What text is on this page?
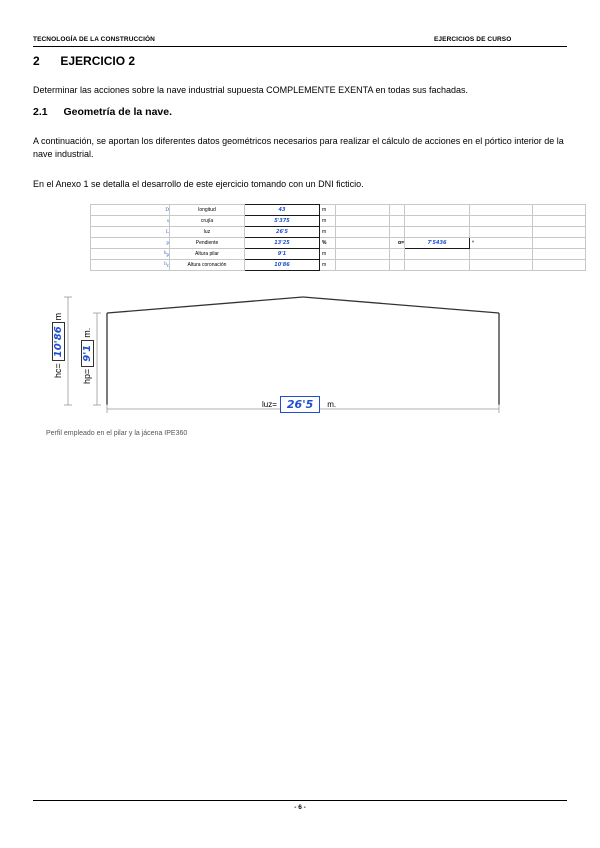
TECNOLOGÍA DE LA CONSTRUCCIÓN	EJERCICIOS DE CURSO
2 EJERCICIO 2
Determinar las acciones sobre la nave industrial supuesta COMPLEMENTE EXENTA en todas sus fachadas.
2.1 Geometría de la nave.
A continuación, se aportan los diferentes datos geométricos necesarios para realizar el cálculo de acciones en el pórtico interior de la nave industrial.
En el Anexo 1 se detalla el desarrollo de este ejercicio tomando con un DNI ficticio.
D	longitud	43	m					
s	crujía	5'375	m					
L	luz	26'5	m					
p	Pendiente	13'25	%		α=	7'5436	º	
$h_p$	Altura pilar	9'1	m					
$h_c$	Altura coronación	10'86	m					
hc=
10'86
m
hp=
9'1
m.
luz= 26'5	m.
Perfil empleado en el pilar y la jácena IPE360
- 6 -
